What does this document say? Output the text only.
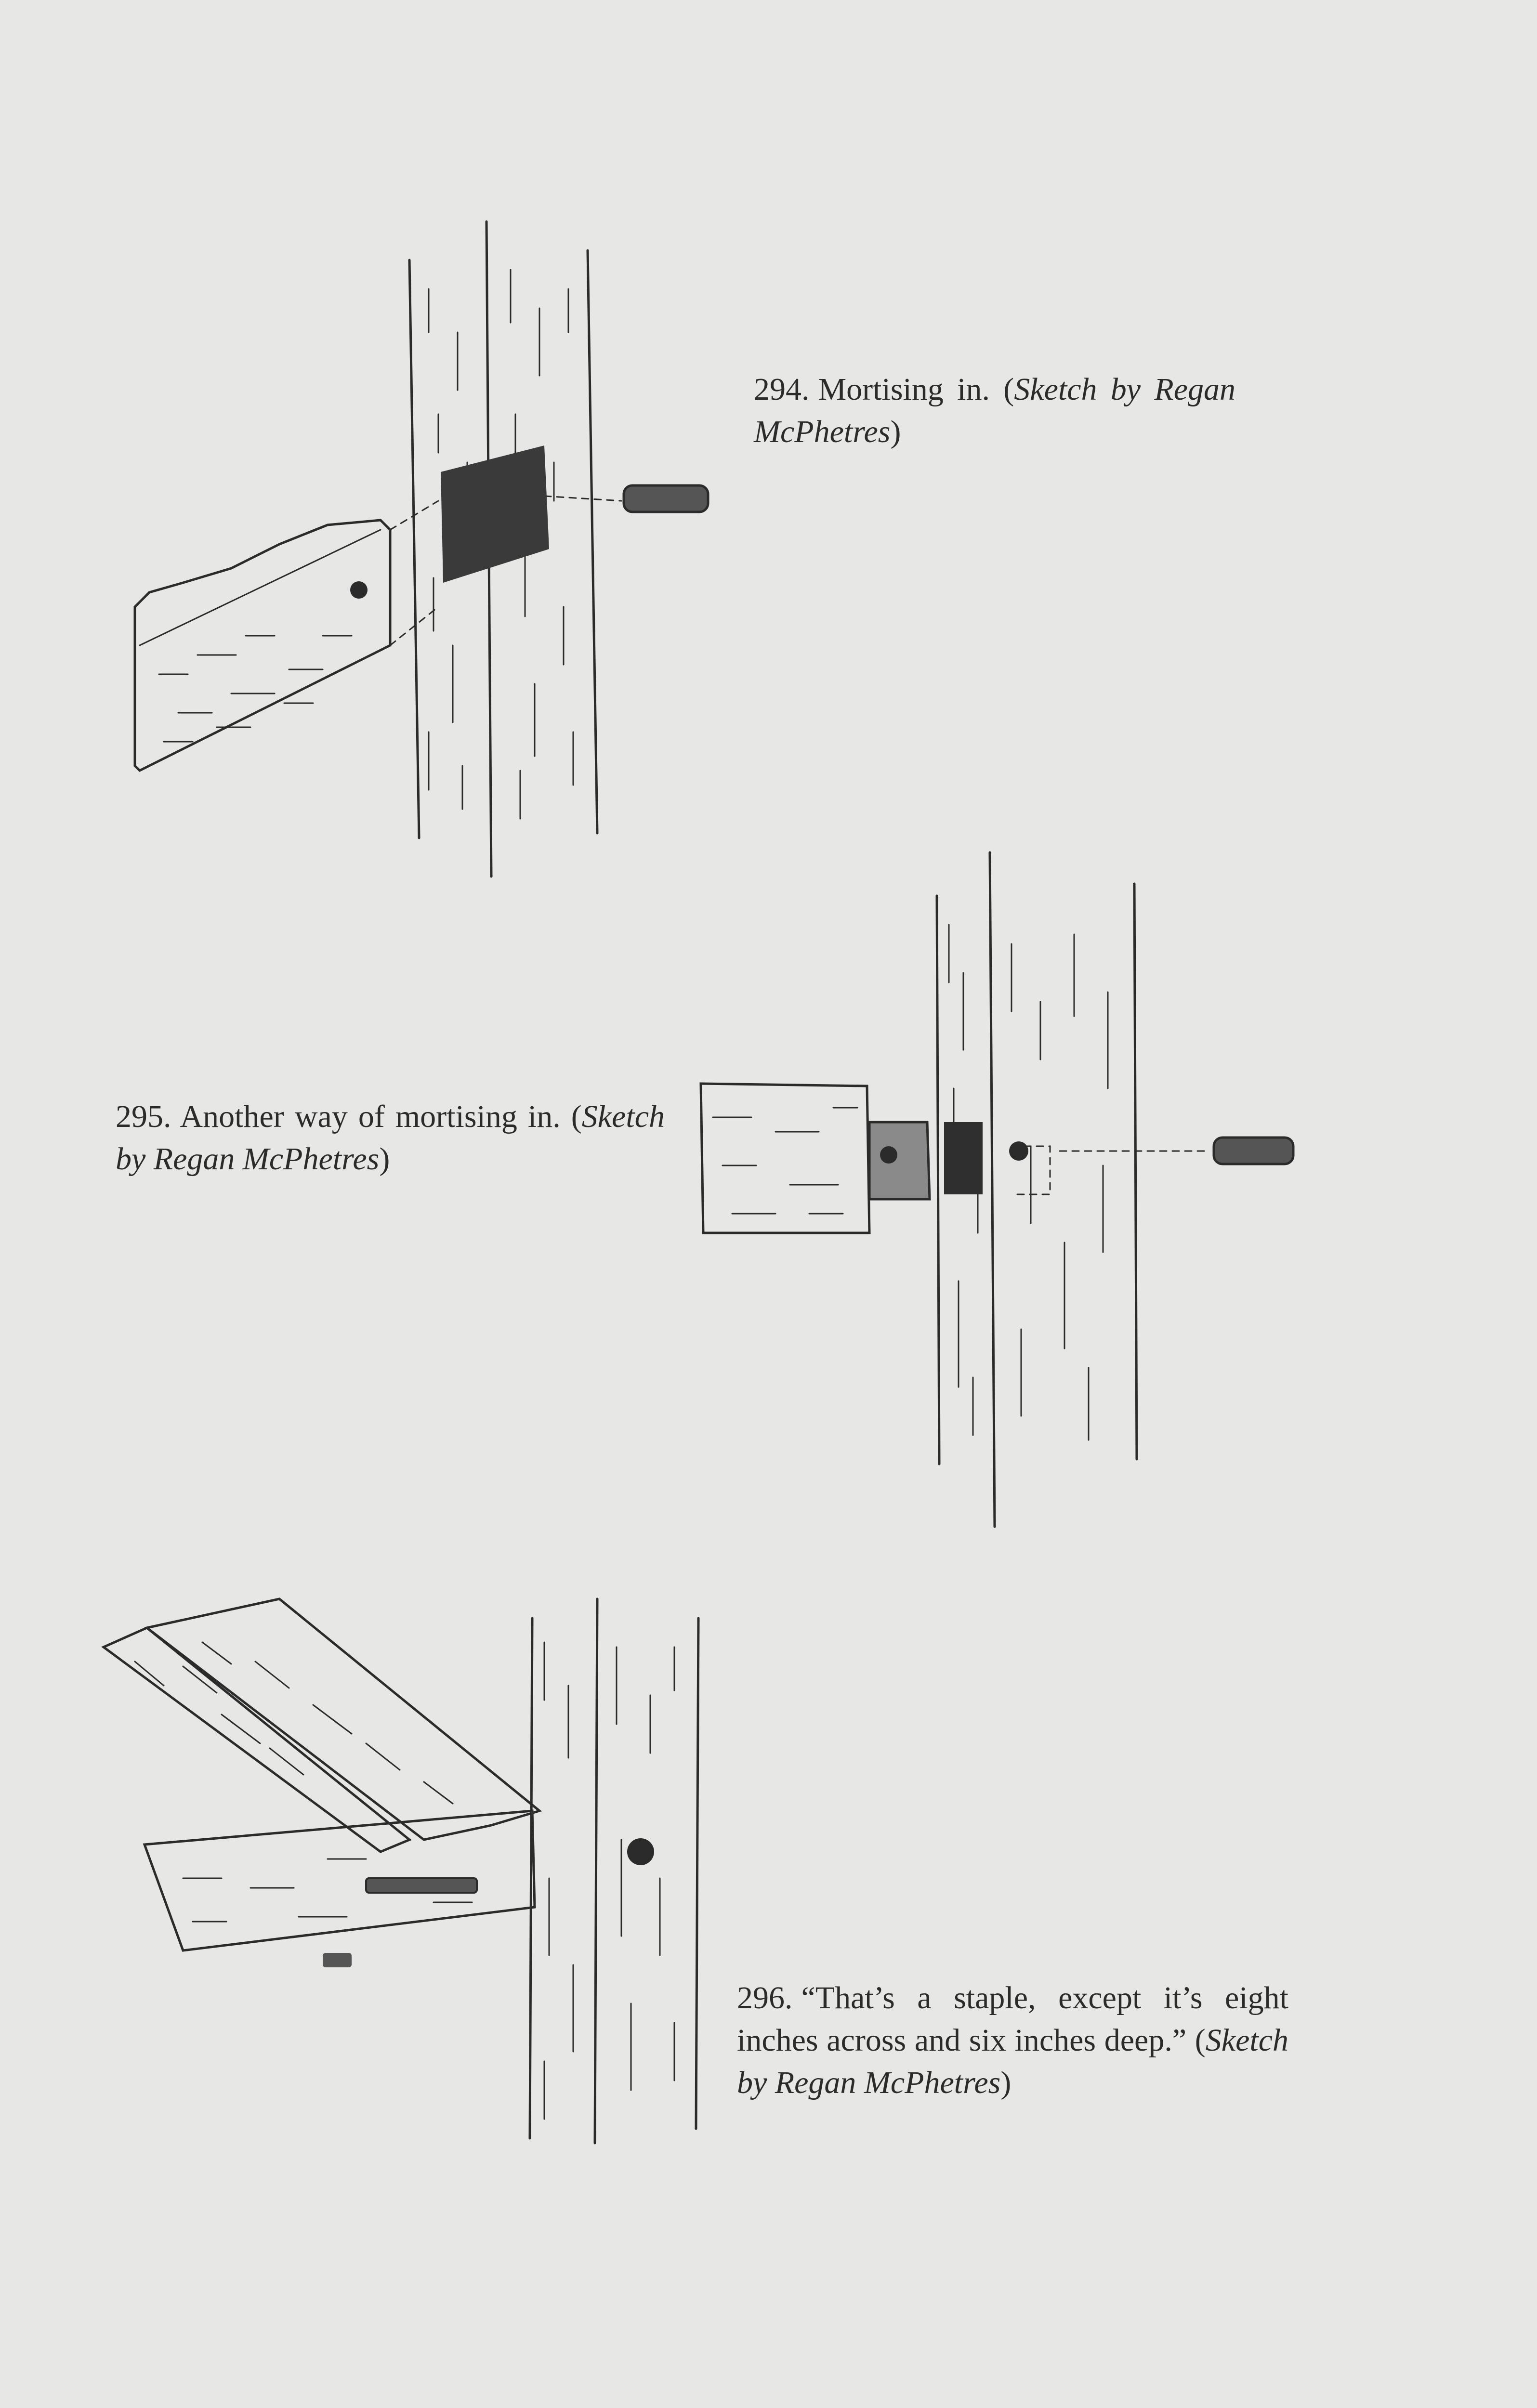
294. Mortising in. (Sketch by Regan McPhetres)
295. Another way of mortising in. (Sketch by Regan McPhetres)
296. “That’s a staple, except it’s eight inches across and six inches deep.” (Sketch by Regan McPhetres)
